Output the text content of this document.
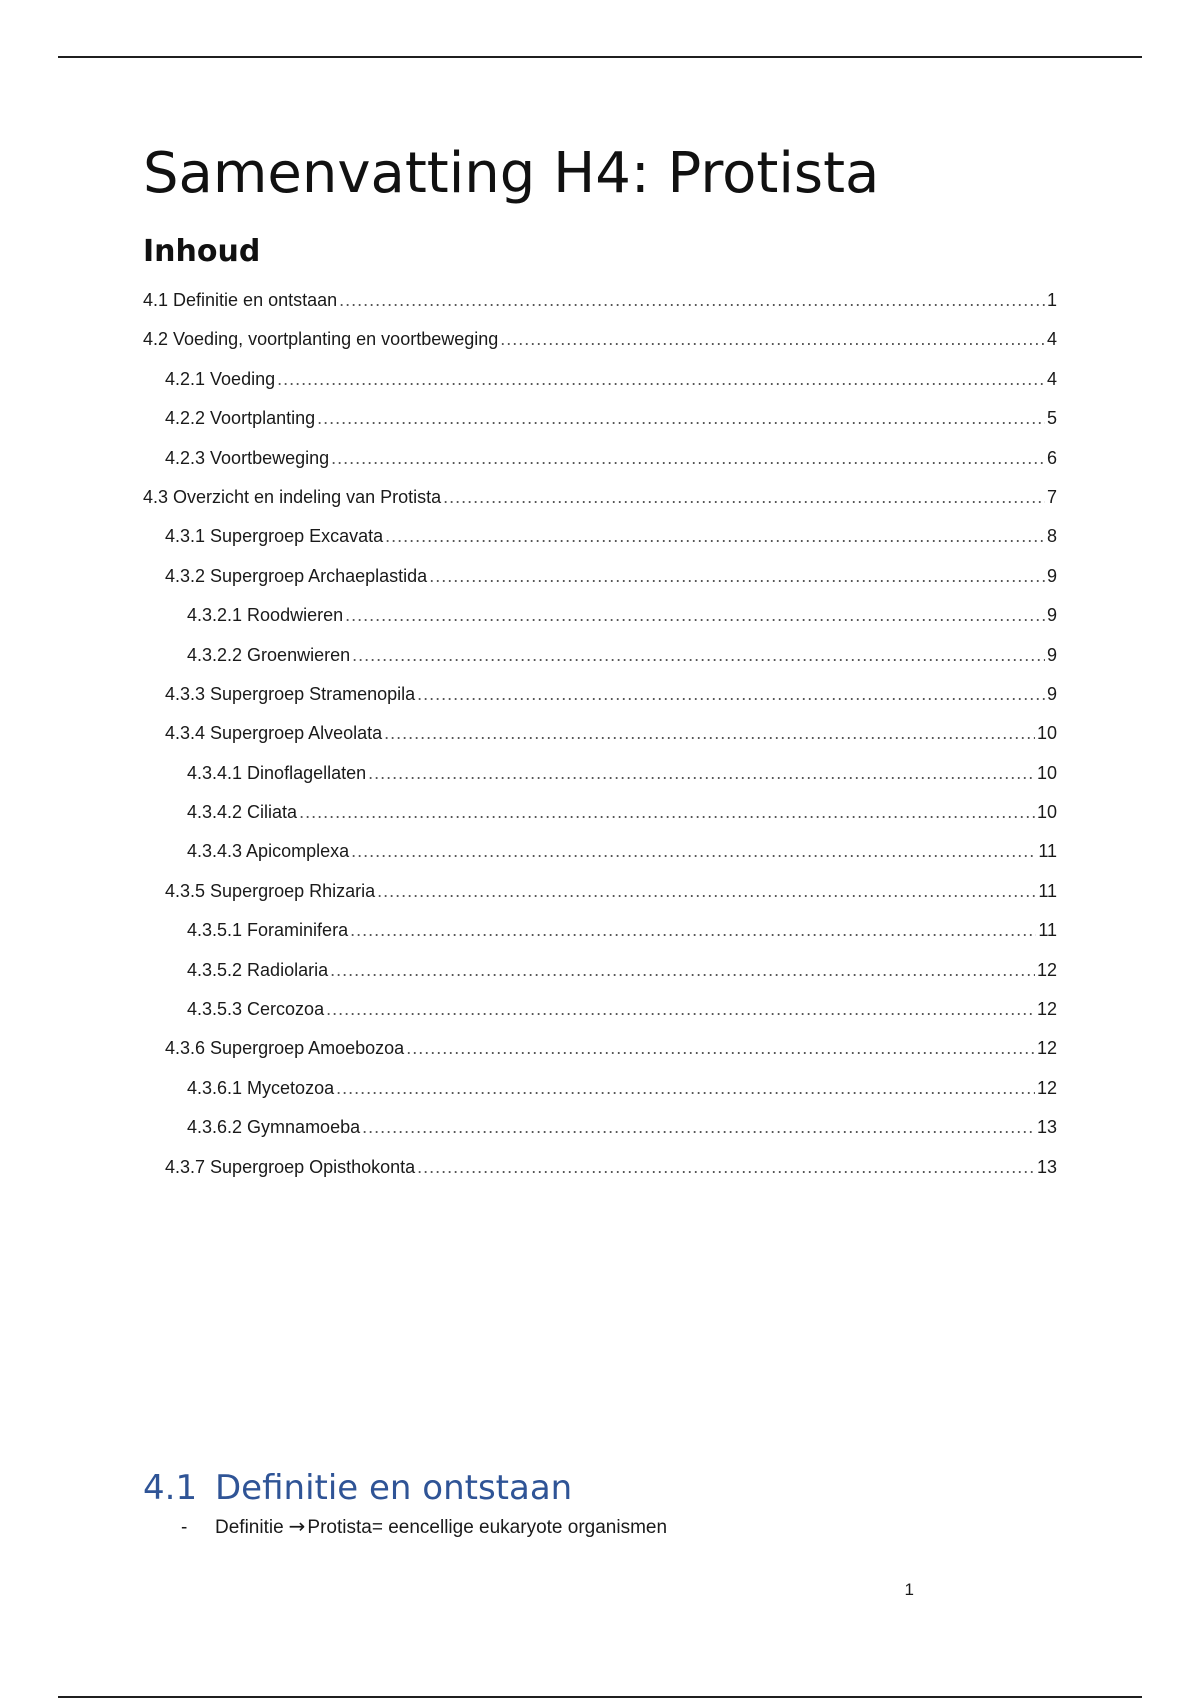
Samenvatting H4: Protista
Inhoud
4.1 Definitie en ontstaan .....	1
4.2 Voeding, voortplanting en voortbeweging .....	4
4.2.1 Voeding .....	4
4.2.2 Voortplanting .....	5
4.2.3 Voortbeweging .....	6
4.3 Overzicht en indeling van Protista .....	7
4.3.1 Supergroep Excavata .....	8
4.3.2 Supergroep Archaeplastida .....	9
4.3.2.1 Roodwieren .....	9
4.3.2.2 Groenwieren .....	9
4.3.3 Supergroep Stramenopila .....	9
4.3.4 Supergroep Alveolata .....	10
4.3.4.1 Dinoflagellaten .....	10
4.3.4.2 Ciliata .....	10
4.3.4.3 Apicomplexa .....	11
4.3.5 Supergroep Rhizaria .....	11
4.3.5.1 Foraminifera .....	11
4.3.5.2 Radiolaria .....	12
4.3.5.3 Cercozoa .....	12
4.3.6 Supergroep Amoebozoa .....	12
4.3.6.1 Mycetozoa .....	12
4.3.6.2 Gymnamoeba .....	13
4.3.7 Supergroep Opisthokonta .....	13
4.1 Definitie en ontstaan
-	Definitie → Protista= eencellige eukaryote organismen
1
